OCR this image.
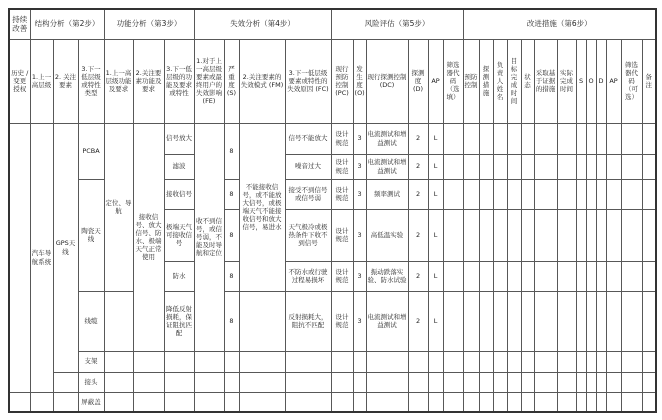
持续改善	结构分析（第2步）			功能分析（第3步）			失效分析（第4步）				风险评估（第5步）						改进措施（第6步）												
历史 / 变更授权	1.上一高层级	2. 关注要素	3.下一低层级或特性类型	1.上一高层级功能及要求	2.关注要素功能及要求	3.下一低层级的功能及要求或特性	1.对于上一高层级要素或最终用户的失效影响 (FE)	严重度 (S)	2.关注要素的失效模式 (FM)	3.下一低层级要素或特性的失效原因 (FC)	现行预防控制 (PC)	发生度 (O)	现行探测控制 (DC)	探测度 (D)	AP	筛选器代码（选填）	预防控制	探测措施	负责人姓名	目标完成时间	状态	采取基于证据的措施	实际完成时间	S	O	D	AP	筛选器代码（可选）	备注
	汽车导航系统	GPS天线	PCBA	定位、导航	接收信号、放大信号、防水、极端天气正常使用	信号放大	收不到信号，或信号弱，不能及时导航和定位	8	不能接收信号，或不能放大信号，或极端天气不能接收信号和放大信号，易进水	信号不能放大	设计规范	3	电流测试和增益测试	2	L														
						滤波				噪音过大	设计规范	3	电流测试和增益测试	2	L														
			陶瓷天线			接收信号		8		接受不到信号或信号弱	设计规范	3	频率测试	2	L														
						极端天气可接收信号		8		天气极冷或极热条件下收不到信号	设计规范	3	高低温实验	2	L														
						防水		8		不防水或行驶过程易损坏	设计规范	3	振动跌落实验、防水试验	2	L														
			线缆			降低反射损耗，保证阻抗匹配		8		反射损耗大，阻抗不匹配	设计规范	3	电流测试和增益测试	2	L														
			支架																										
			接头																										
			屏蔽盖																										
